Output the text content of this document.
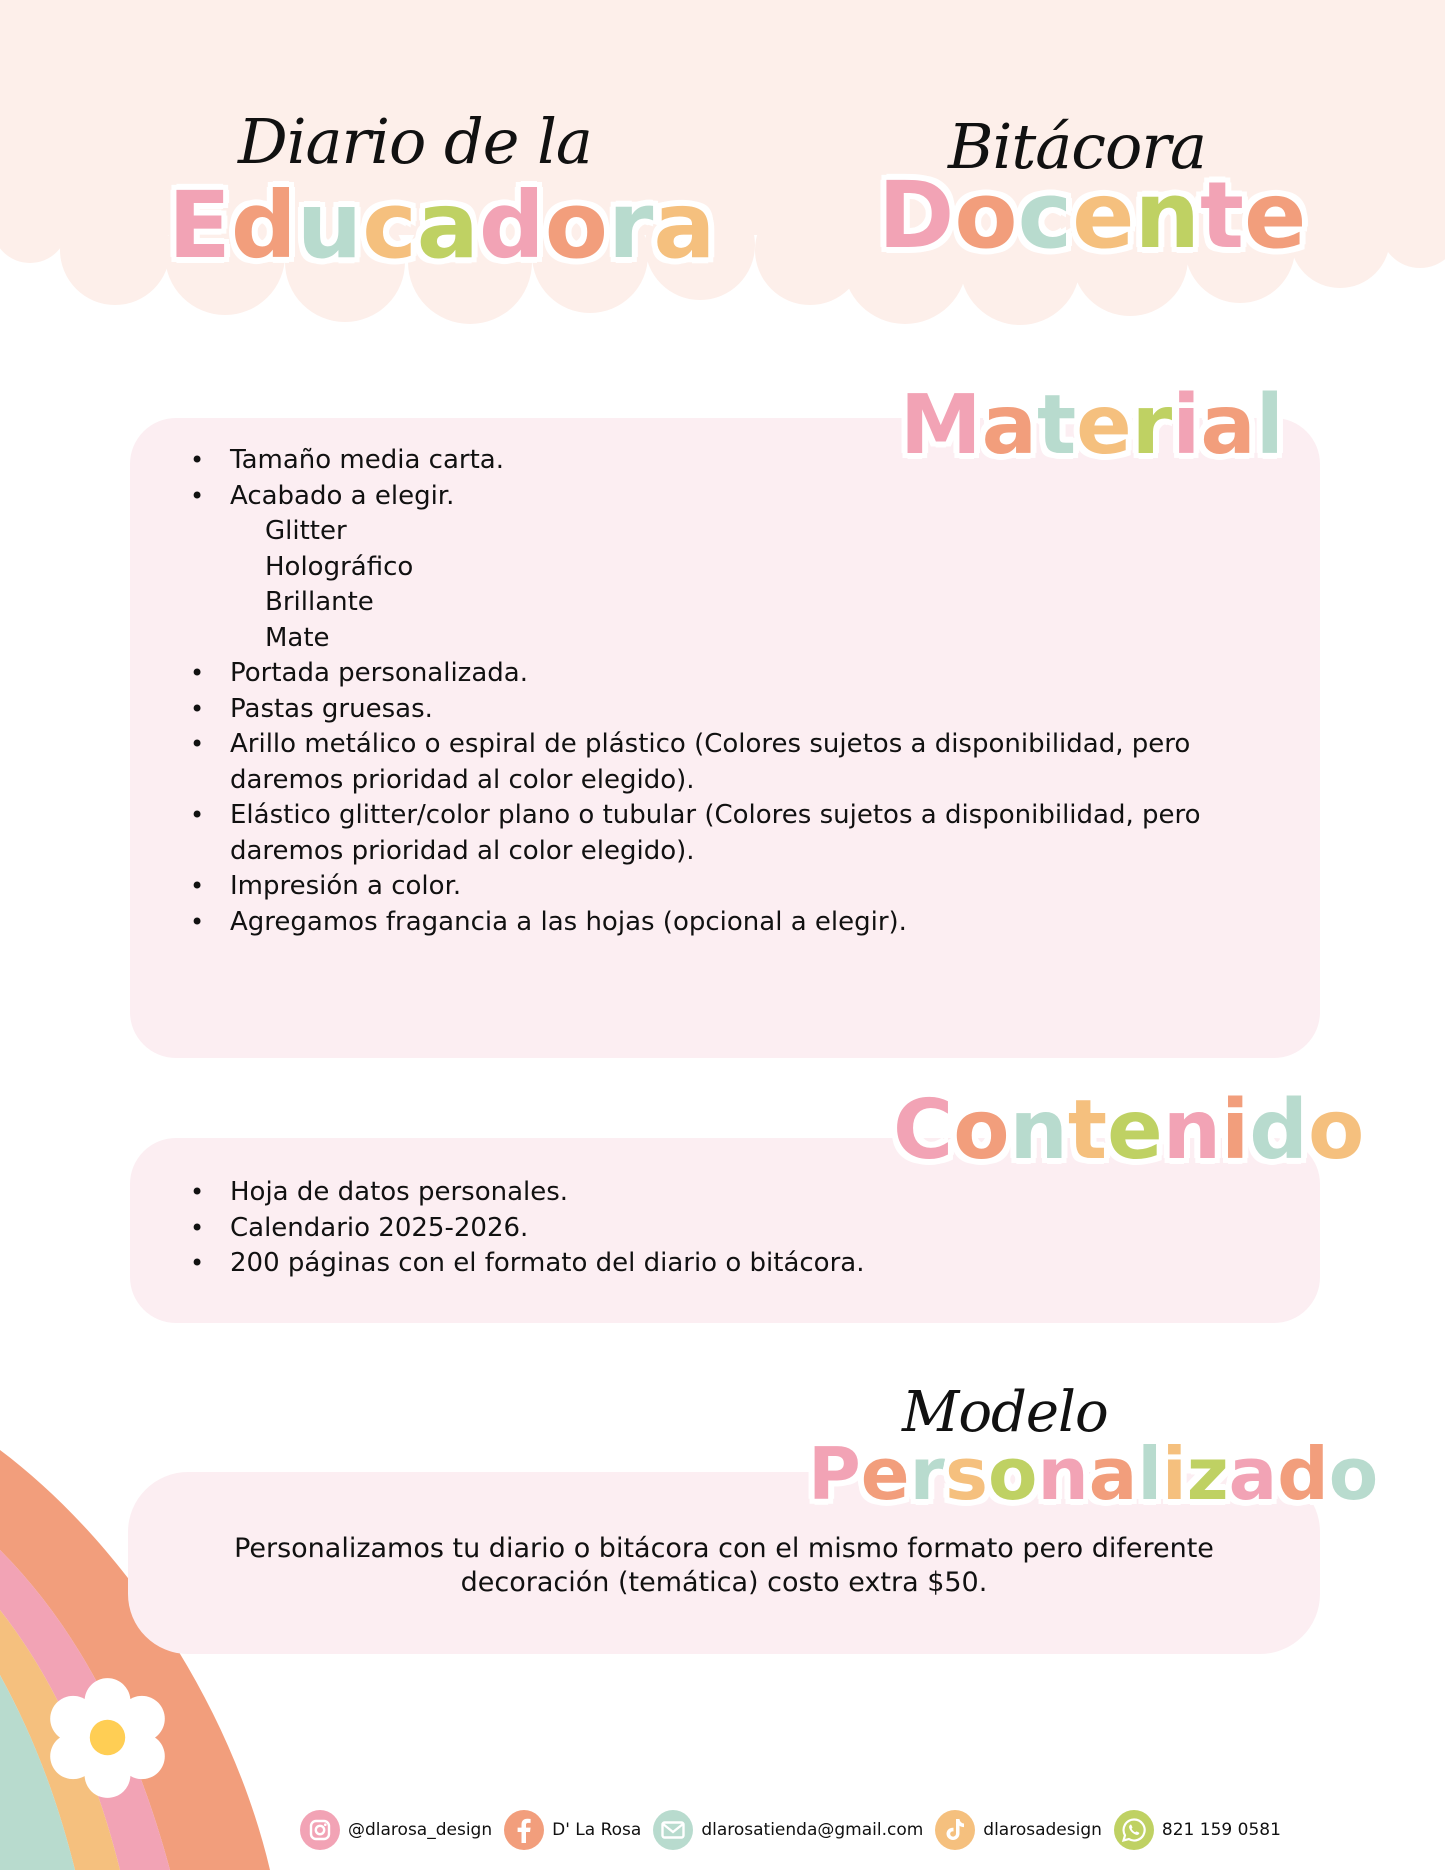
Diario de la
E d u c a d o r a
Bitácora
D o c e n t e
M a t e r i a l
• Tamaño media carta.
• Acabado a elegir.
Glitter
Holográfico
Brillante
Mate
• Portada personalizada.
• Pastas gruesas.
• Arillo metálico o espiral de plástico (Colores sujetos a disponibilidad, pero daremos prioridad al color elegido).
• Elástico glitter/color plano o tubular (Colores sujetos a disponibilidad, pero daremos prioridad al color elegido).
• Impresión a color.
• Agregamos fragancia a las hojas (opcional a elegir).
C o n t e n i d o
• Hoja de datos personales.
• Calendario 2025-2026.
• 200 páginas con el formato del diario o bitácora.
Modelo
P e r s o n a l i z a d o
Personalizamos tu diario o bitácora con el mismo formato pero diferente
decoración (temática) costo extra $50.
@dlarosa_design	D' La Rosa	dlarosatienda@gmail.com	dlarosadesign	821 159 0581
